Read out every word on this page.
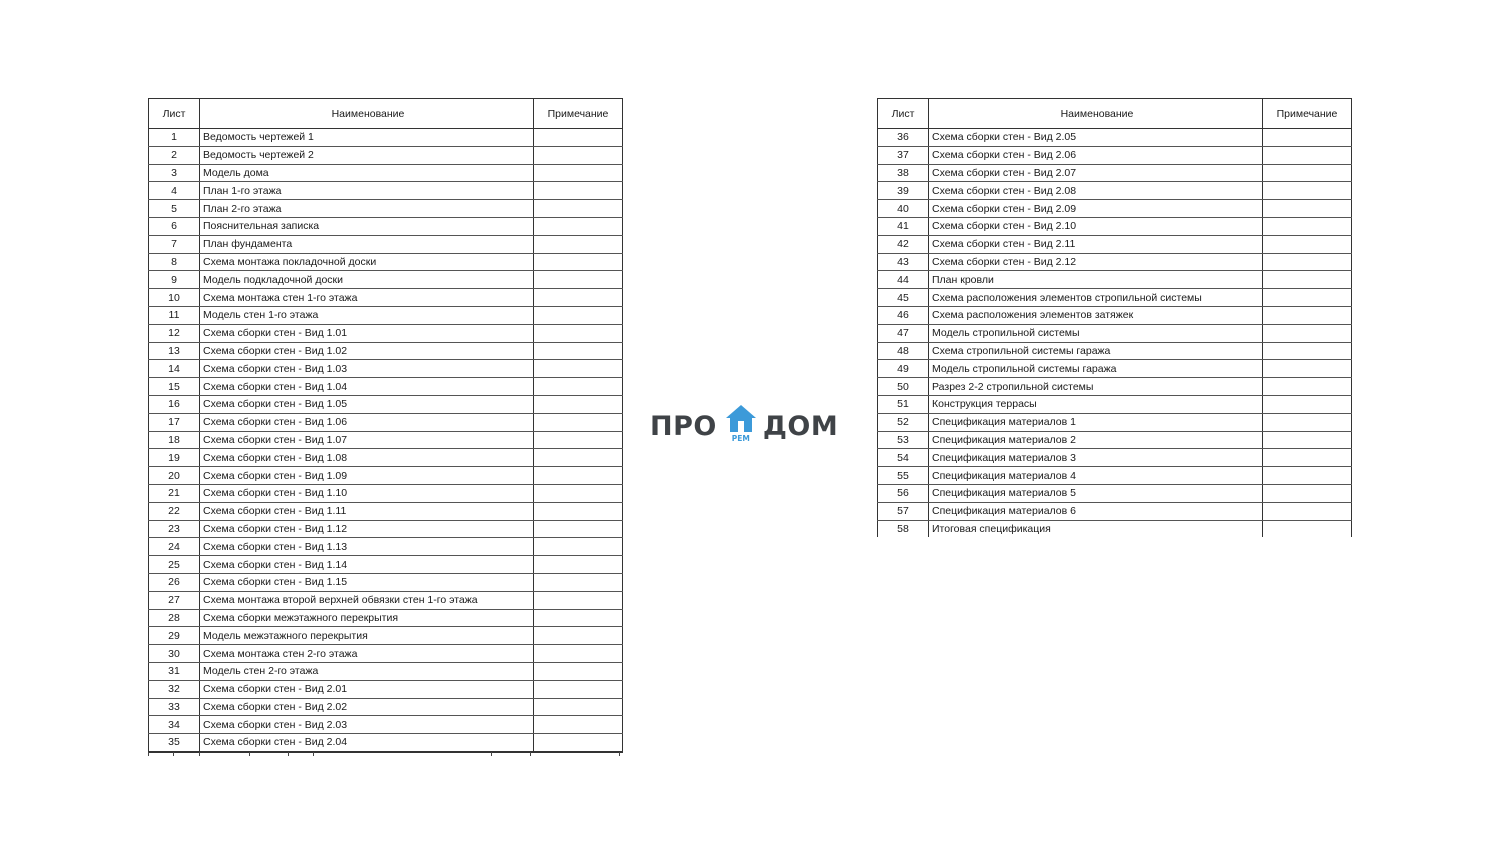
Лист	Наименование	Примечание
1	Ведомость чертежей 1	
2	Ведомость чертежей 2	
3	Модель дома	
4	План 1-го этажа	
5	План 2-го этажа	
6	Пояснительная записка	
7	План фундамента	
8	Схема монтажа покладочной доски	
9	Модель подкладочной доски	
10	Схема монтажа стен 1-го этажа	
11	Модель стен 1-го этажа	
12	Схема сборки стен - Вид 1.01	
13	Схема сборки стен - Вид 1.02	
14	Схема сборки стен - Вид 1.03	
15	Схема сборки стен - Вид 1.04	
16	Схема сборки стен - Вид 1.05	
17	Схема сборки стен - Вид 1.06	
18	Схема сборки стен - Вид 1.07	
19	Схема сборки стен - Вид 1.08	
20	Схема сборки стен - Вид 1.09	
21	Схема сборки стен - Вид 1.10	
22	Схема сборки стен - Вид 1.11	
23	Схема сборки стен - Вид 1.12	
24	Схема сборки стен - Вид 1.13	
25	Схема сборки стен - Вид 1.14	
26	Схема сборки стен - Вид 1.15	
27	Схема монтажа второй верхней обвязки стен 1-го этажа	
28	Схема сборки межэтажного перекрытия	
29	Модель межэтажного перекрытия	
30	Схема монтажа стен 2-го этажа	
31	Модель стен 2-го этажа	
32	Схема сборки стен - Вид 2.01	
33	Схема сборки стен - Вид 2.02	
34	Схема сборки стен - Вид 2.03	
35	Схема сборки стен - Вид 2.04	
Лист	Наименование	Примечание
36	Схема сборки стен - Вид 2.05	
37	Схема сборки стен - Вид 2.06	
38	Схема сборки стен - Вид 2.07	
39	Схема сборки стен - Вид 2.08	
40	Схема сборки стен - Вид 2.09	
41	Схема сборки стен - Вид 2.10	
42	Схема сборки стен - Вид 2.11	
43	Схема сборки стен - Вид 2.12	
44	План кровли	
45	Схема расположения элементов стропильной системы	
46	Схема расположения элементов затяжек	
47	Модель стропильной системы	
48	Схема стропильной системы гаража	
49	Модель стропильной системы гаража	
50	Разрез 2-2 стропильной системы	
51	Конструкция террасы	
52	Спецификация материалов 1	
53	Спецификация материалов 2	
54	Спецификация материалов 3	
55	Спецификация материалов 4	
56	Спецификация материалов 5	
57	Спецификация материалов 6	
58	Итоговая спецификация	
ПРО	РЕМ ДОМ
